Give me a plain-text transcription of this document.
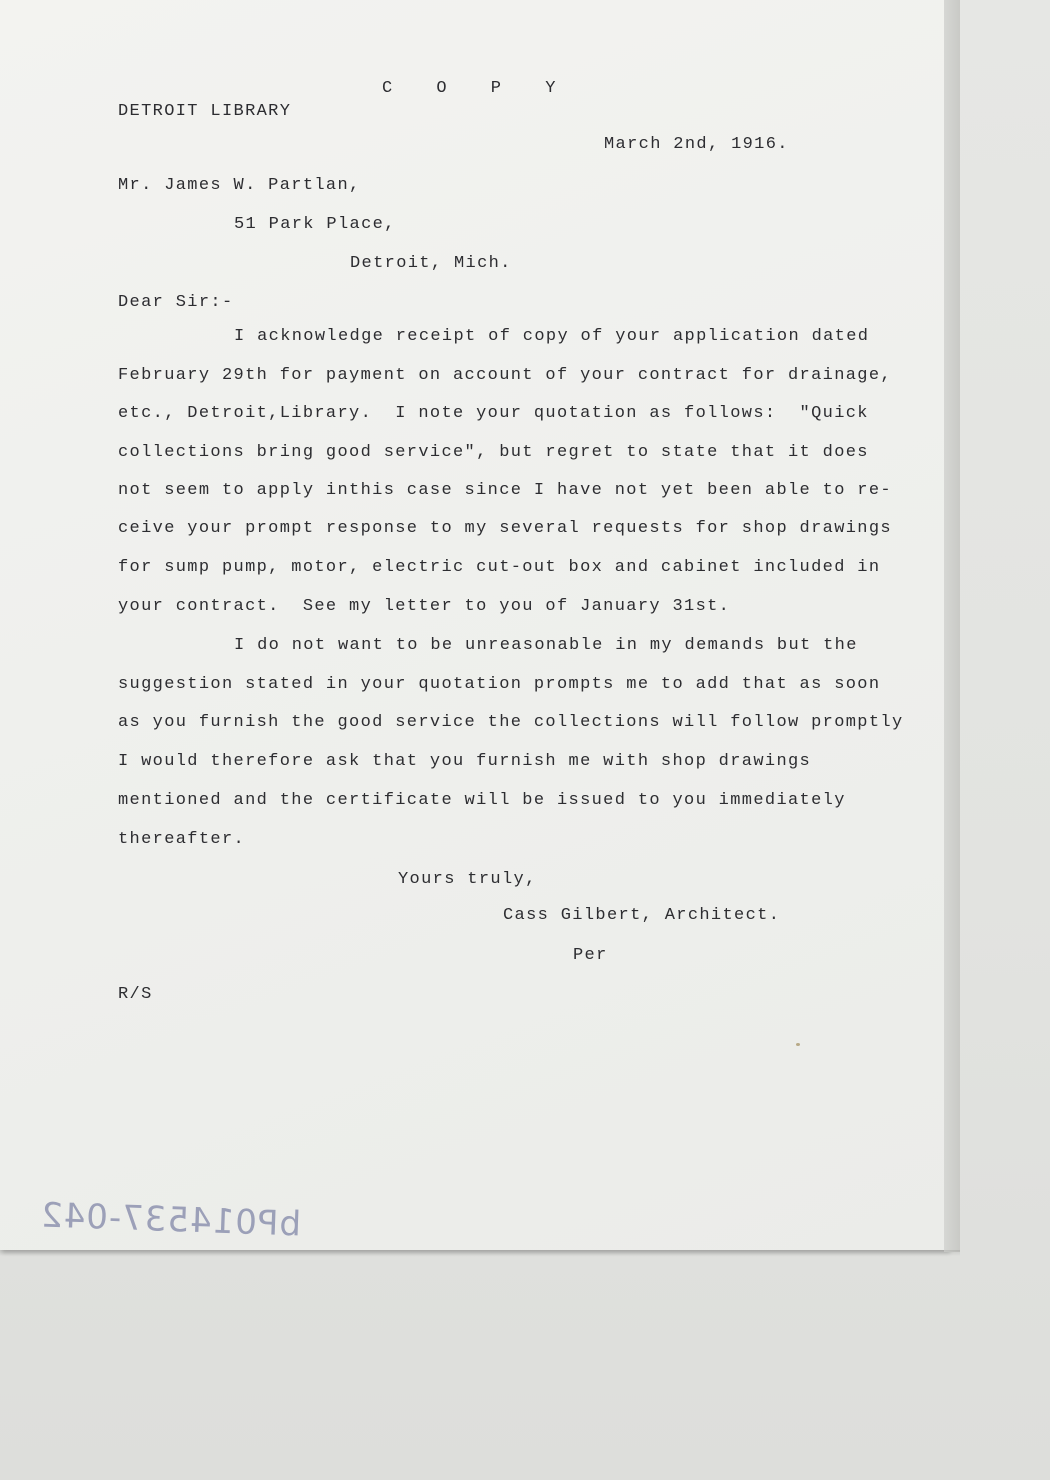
C O P Y
DETROIT LIBRARY
March 2nd, 1916.
Mr. James W. Partlan,
51 Park Place,
Detroit, Mich.
Dear Sir:-
I acknowledge receipt of copy of your application dated
February 29th for payment on account of your contract for drainage,
etc., Detroit,Library.  I note your quotation as follows:  "Quick
collections bring good service", but regret to state that it does
not seem to apply inthis case since I have not yet been able to re-
ceive your prompt response to my several requests for shop drawings
for sump pump, motor, electric cut-out box and cabinet included in
your contract.  See my letter to you of January 31st.
I do not want to be unreasonable in my demands but the
suggestion stated in your quotation prompts me to add that as soon
as you furnish the good service the collections will follow promptly
I would therefore ask that you furnish me with shop drawings
mentioned and the certificate will be issued to you immediately
thereafter.
Yours truly,
Cass Gilbert, Architect.
Per
R/S
bP014537-042
